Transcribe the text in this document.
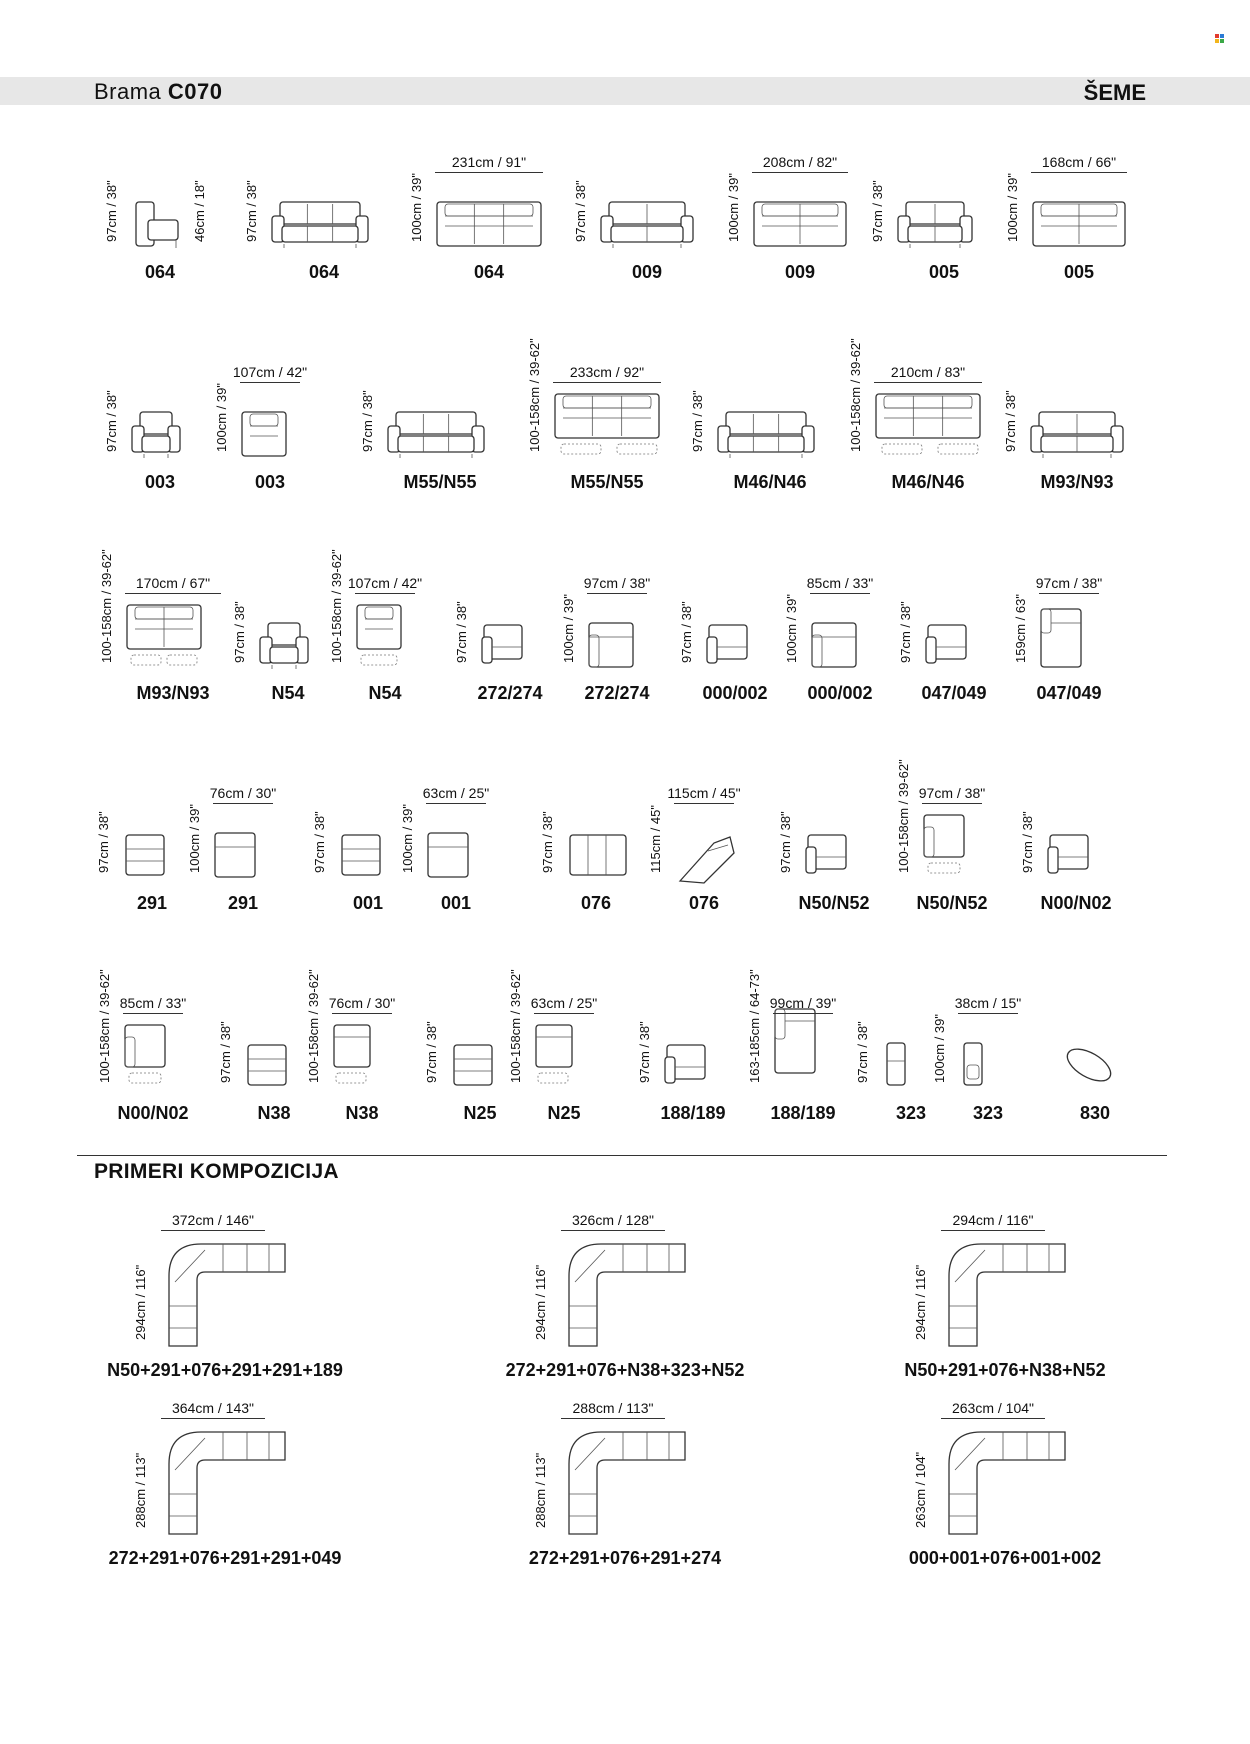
Brama C070	ŠEME
064
97cm / 38"	46cm / 18"
064
97cm / 38"
064
100cm / 39"
231cm / 91"
009
97cm / 38"
009
100cm / 39"
208cm / 82"
005
97cm / 38"
005
100cm / 39"
168cm / 66"
003
97cm / 38"
003
100cm / 39"
107cm / 42"
M55/N55
97cm / 38"
M55/N55
100-158cm / 39-62" 233cm / 92"
M46/N46
97cm / 38"
M46/N46
100-158cm / 39-62" 210cm / 83"
M93/N93
97cm / 38"
M93/N93
100-158cm / 39-62" 170cm / 67"
N54
97cm / 38"
N54
100-158cm / 39-62" 107cm / 42"
272/274
97cm / 38"
272/274
100cm / 39"
97cm / 38"
000/002
97cm / 38"
000/002
100cm / 39"
85cm / 33"
047/049
97cm / 38"
047/049
159cm / 63"
97cm / 38"
291
97cm / 38"
291
100cm / 39"
76cm / 30"
001
97cm / 38"
001
100cm / 39"
63cm / 25"
076
97cm / 38"
076
115cm / 45"
115cm / 45"
N50/N52
97cm / 38"
N50/N52
100-158cm / 39-62" 97cm / 38"
N00/N02
97cm / 38"
N00/N02
100-158cm / 39-62" 85cm / 33"
N38
97cm / 38"
N38
100-158cm / 39-62" 76cm / 30"
N25
97cm / 38"
N25
100-158cm / 39-62" 63cm / 25"
188/189
97cm / 38"
188/189
163-185cm / 64-73" 99cm / 39"
323
97cm / 38"
323
100cm / 39"
38cm / 15"
830
PRIMERI KOMPOZICIJA
N50+291+076+291+291+189
372cm / 146"
294cm / 116"
272+291+076+N38+323+N52
326cm / 128"
294cm / 116"
N50+291+076+N38+N52
294cm / 116"
294cm / 116"
272+291+076+291+291+049
364cm / 143"
288cm / 113"
272+291+076+291+274
288cm / 113"
288cm / 113"
000+001+076+001+002
263cm / 104"
263cm / 104"
